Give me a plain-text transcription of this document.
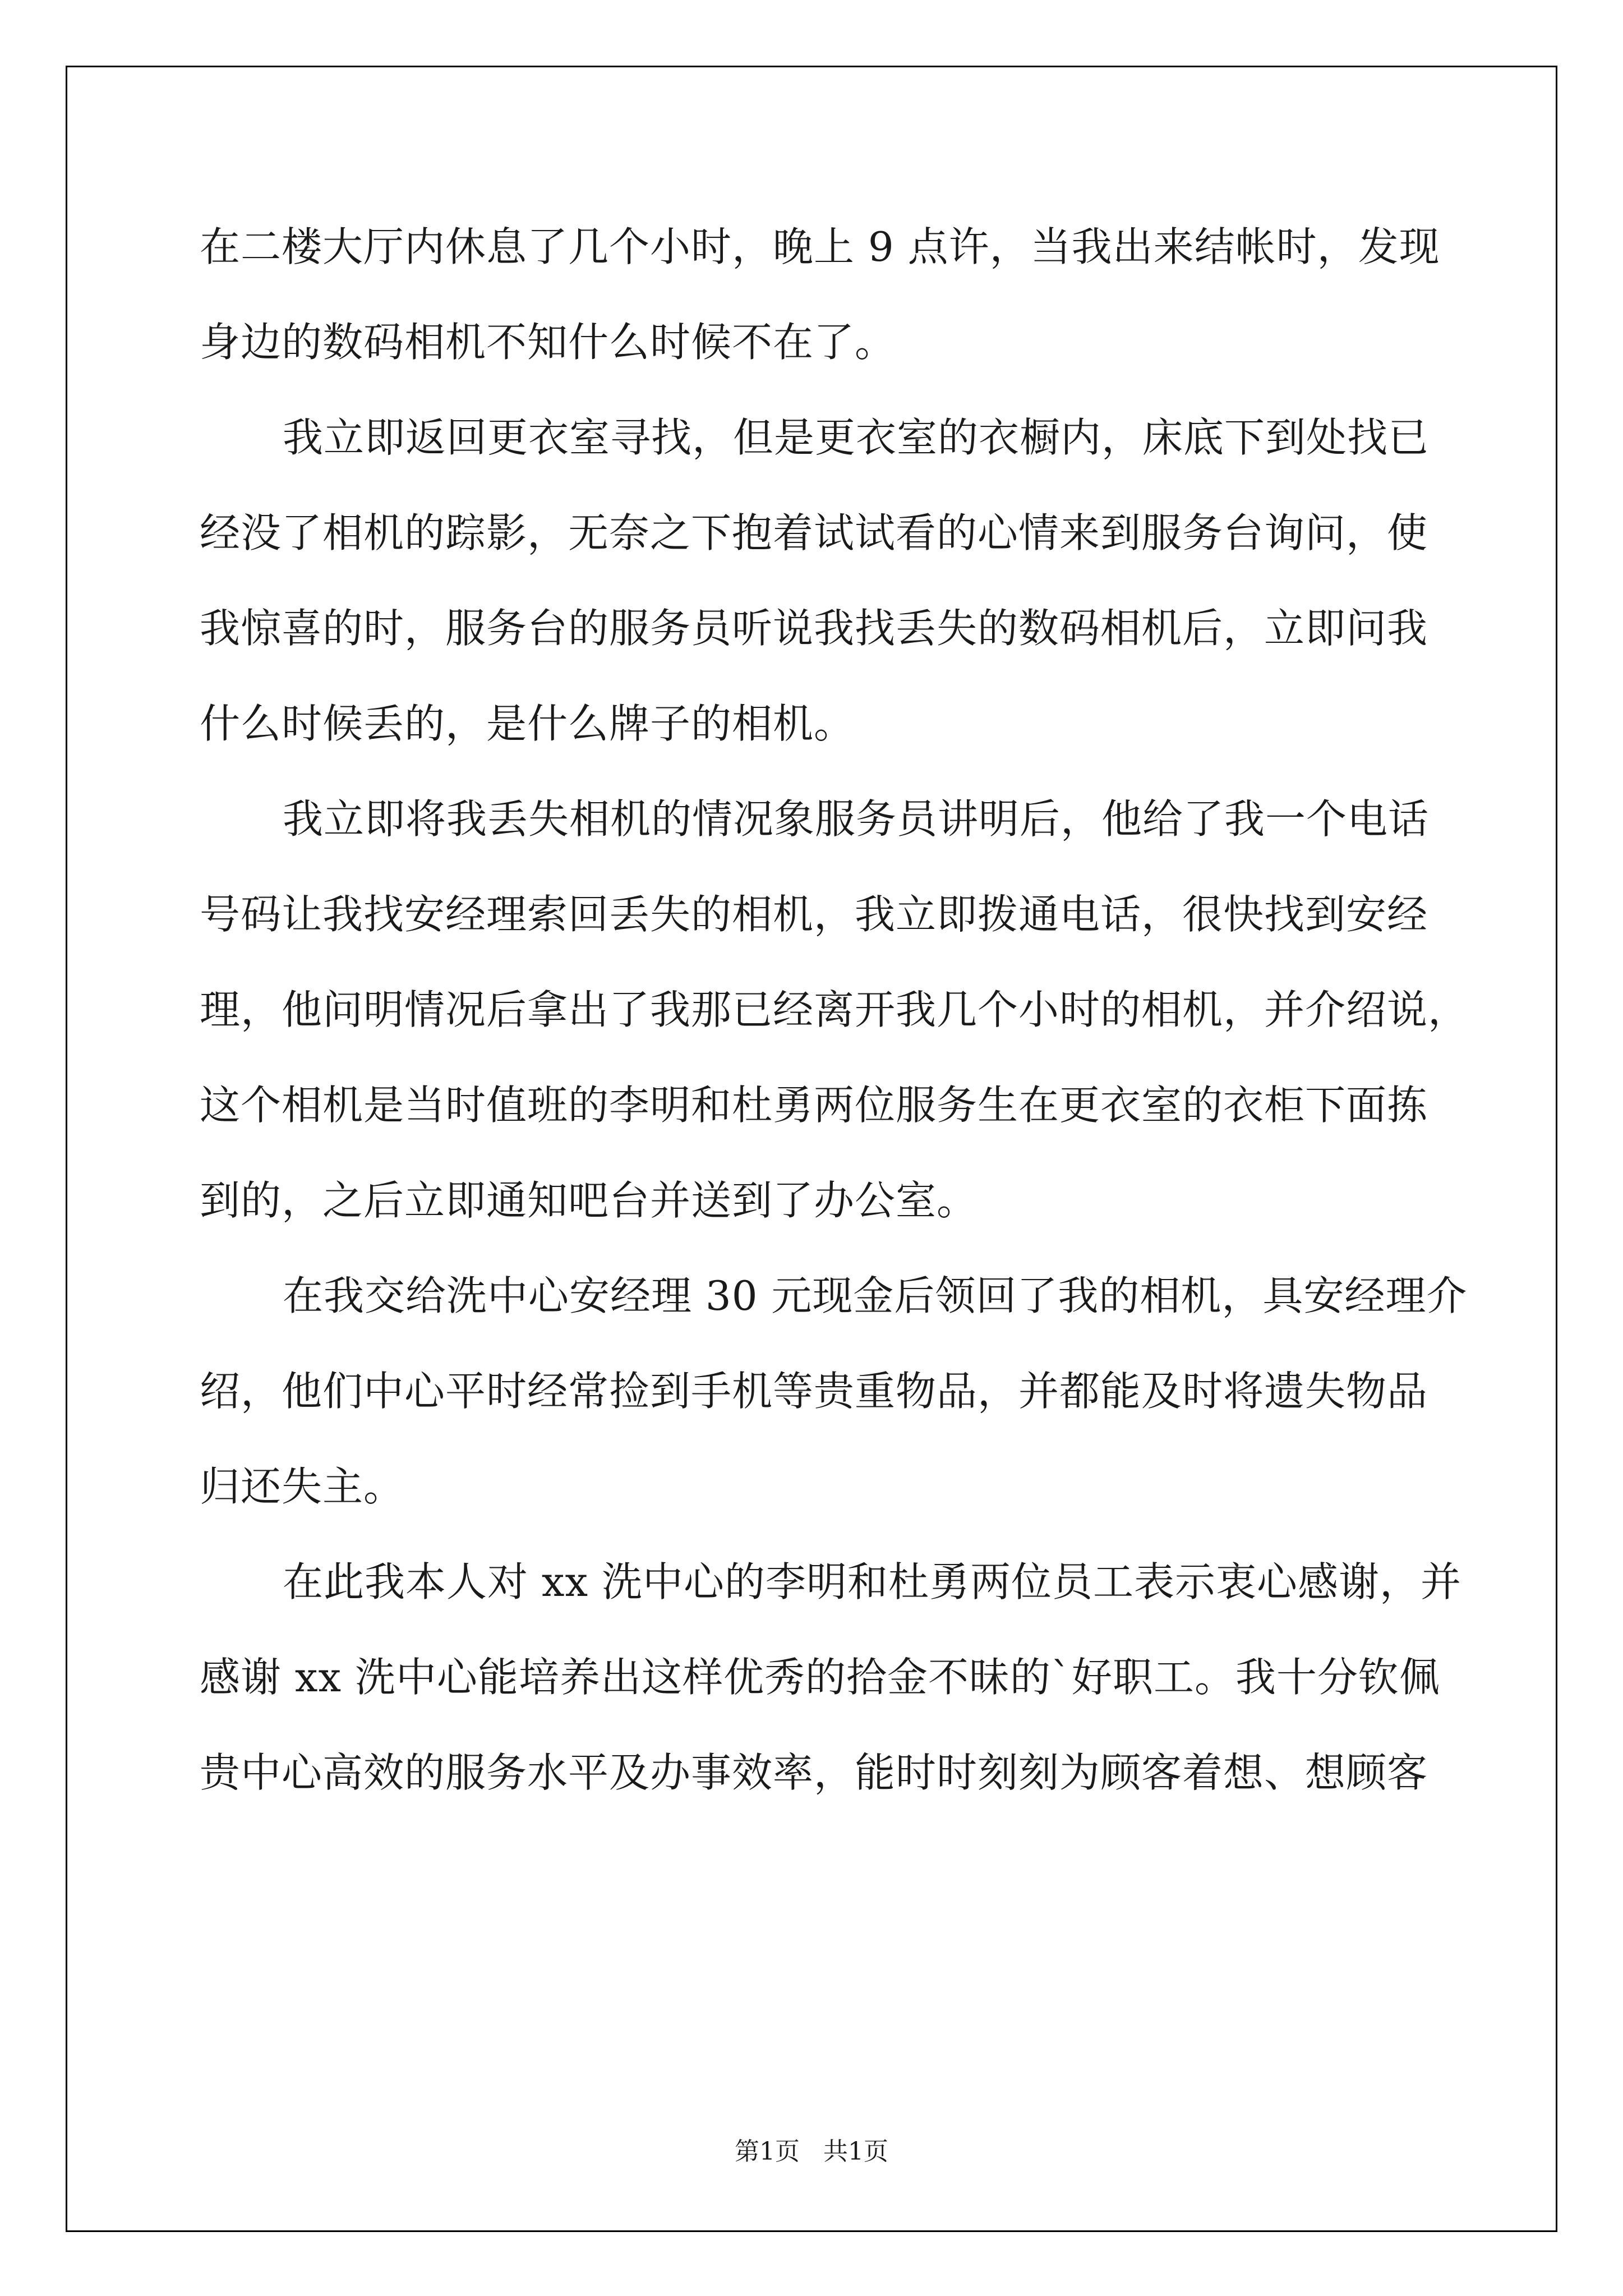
在二楼大厅内休息了几个小时，晚上 9 点许，当我出来结帐时，发现
身边的数码相机不知什么时候不在了。
我立即返回更衣室寻找，但是更衣室的衣橱内，床底下到处找已
经没了相机的踪影，无奈之下抱着试试看的心情来到服务台询问，使
我惊喜的时，服务台的服务员听说我找丢失的数码相机后，立即问我
什么时候丢的，是什么牌子的相机。
我立即将我丢失相机的情况象服务员讲明后，他给了我一个电话
号码让我找安经理索回丢失的相机，我立即拨通电话，很快找到安经
理，他问明情况后拿出了我那已经离开我几个小时的相机，并介绍说，
这个相机是当时值班的李明和杜勇两位服务生在更衣室的衣柜下面拣
到的，之后立即通知吧台并送到了办公室。
在我交给洗中心安经理 30 元现金后领回了我的相机，具安经理介
绍，他们中心平时经常捡到手机等贵重物品，并都能及时将遗失物品
归还失主。
在此我本人对 xx 洗中心的李明和杜勇两位员工表示衷心感谢，并
感谢 xx 洗中心能培养出这样优秀的拾金不昧的`好职工。我十分钦佩
贵中心高效的服务水平及办事效率，能时时刻刻为顾客着想、想顾客
第1页 共1页
